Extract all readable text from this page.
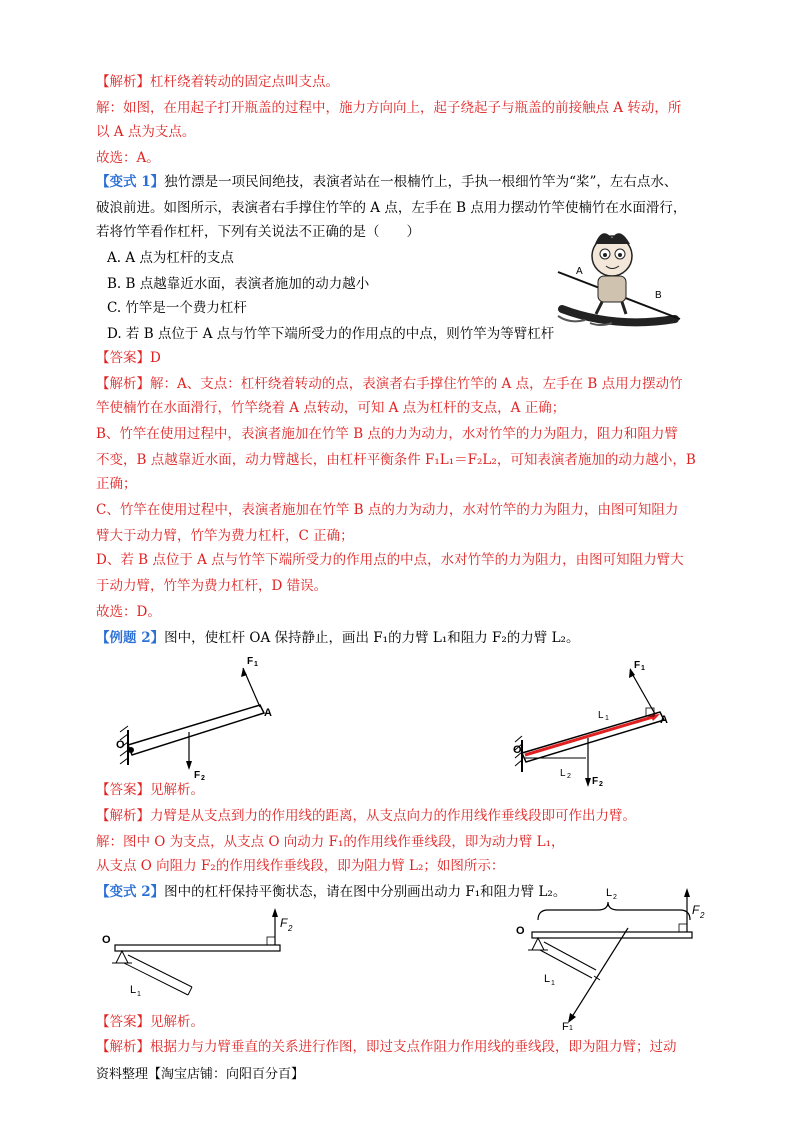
【解析】杠杆绕着转动的固定点叫支点。
解：如图，在用起子打开瓶盖的过程中，施力方向向上，起子绕起子与瓶盖的前接触点 A 转动，所
以 A 点为支点。
故选：A。
【变式 1】独竹漂是一项民间绝技，表演者站在一根楠竹上，手执一根细竹竿为“桨”，左右点水、
破浪前进。如图所示，表演者右手撑住竹竿的 A 点，左手在 B 点用力摆动竹竿使楠竹在水面滑行，
若将竹竿看作杠杆，下列有关说法不正确的是（　　）
A. A 点为杠杆的支点
B. B 点越靠近水面，表演者施加的动力越小
C. 竹竿是一个费力杠杆
D. 若 B 点位于 A 点与竹竿下端所受力的作用点的中点，则竹竿为等臂杠杆
A
B
【答案】D
【解析】解：A、支点：杠杆绕着转动的点，表演者右手撑住竹竿的 A 点，左手在 B 点用力摆动竹
竿使楠竹在水面滑行，竹竿绕着 A 点转动，可知 A 点为杠杆的支点，A 正确；
B、竹竿在使用过程中，表演者施加在竹竿 B 点的力为动力，水对竹竿的力为阻力，阻力和阻力臂
不变，B 点越靠近水面，动力臂越长，由杠杆平衡条件 F₁L₁＝F₂L₂，可知表演者施加的动力越小，B
正确；
C、竹竿在使用过程中，表演者施加在竹竿 B 点的力为动力，水对竹竿的力为阻力，由图可知阻力
臂大于动力臂，竹竿为费力杠杆，C 正确；
D、若 B 点位于 A 点与竹竿下端所受力的作用点的中点，水对竹竿的力为阻力，由图可知阻力臂大
于动力臂，竹竿为费力杠杆，D 错误。
故选：D。
【例题 2】图中，使杠杆 OA 保持静止，画出 F₁的力臂 L₁和阻力 F₂的力臂 L₂。
O
A
F 1
F 2
O
A
F 1
L 1
L 2 F 2
【答案】见解析。
【解析】力臂是从支点到力的作用线的距离，从支点向力的作用线作垂线段即可作出力臂。
解：图中 O 为支点，从支点 O 向动力 F₁的作用线作垂线段，即为动力臂 L₁，
从支点 O 向阻力 F₂的作用线作垂线段，即为阻力臂 L₂；如图所示：
【变式 2】图中的杠杆保持平衡状态，请在图中分别画出动力 F₁和阻力臂 L₂。
O
F 2
L 1
O
L 2
F 2
L 1
F 1
【答案】见解析。
【解析】根据力与力臂垂直的关系进行作图，即过支点作阻力作用线的垂线段，即为阻力臂；过动
资料整理【淘宝店铺：向阳百分百】
